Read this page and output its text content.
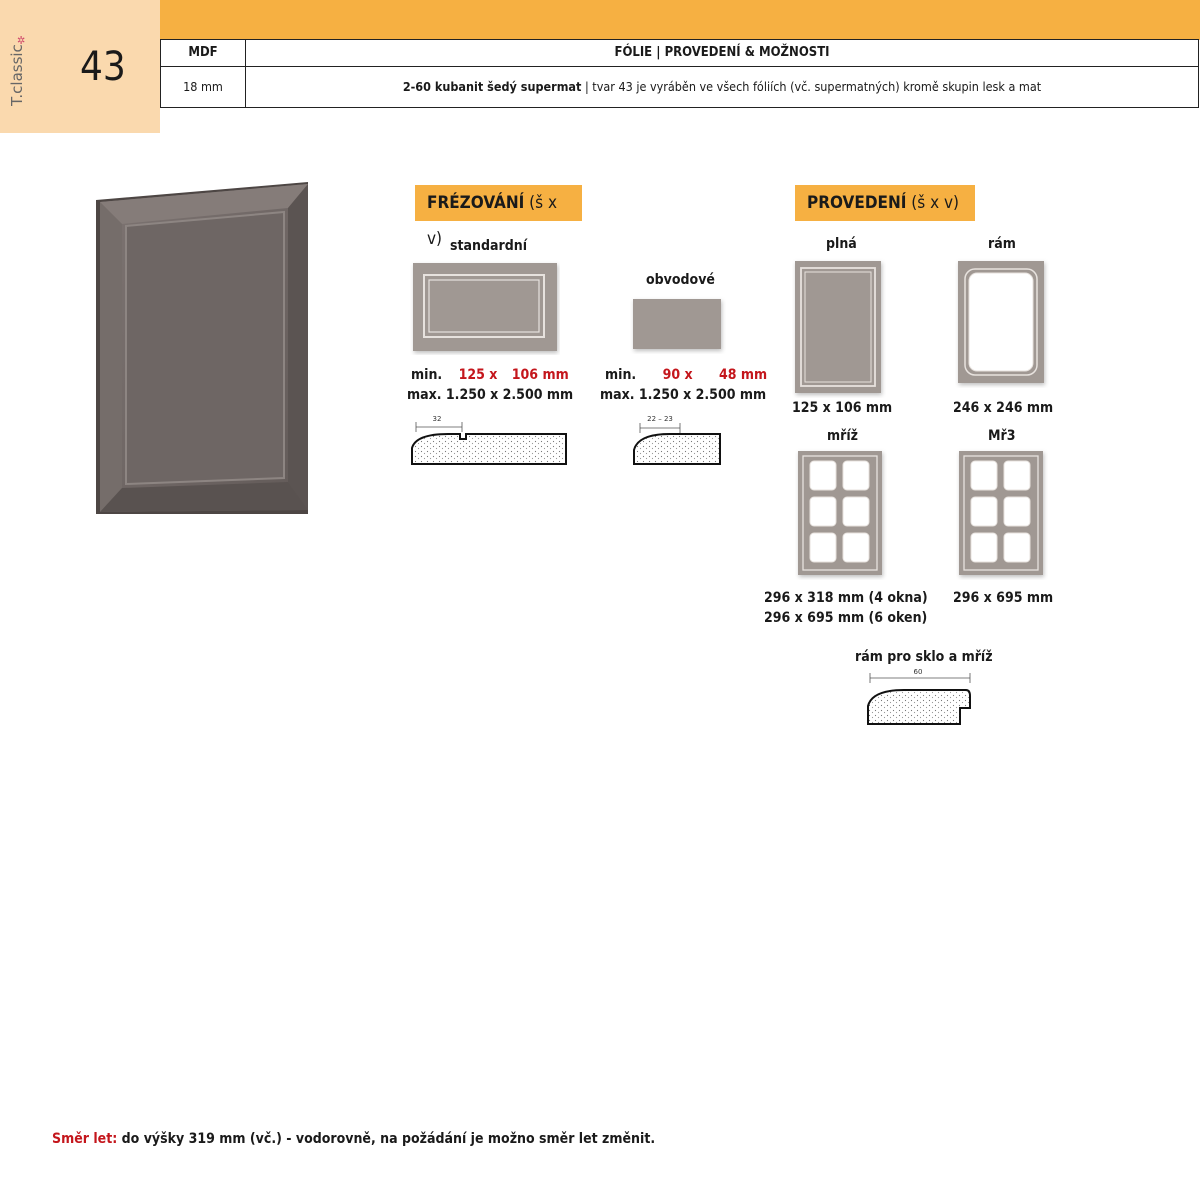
✲
T.classic 43	MDF	FÓLIE | PROVEDENÍ & MOŽNOSTI
18 mm	2-60 kubanit šedý supermat | tvar 43 je vyráběn ve všech fóliích (vč. supermatných) kromě skupin lesk a mat
FRÉZOVÁNÍ (š x v) standardní
min. 125 x 106 mm
max. 1.250 x 2.500 mm
32
obvodové
min. 90 x 48 mm
max. 1.250 x 2.500 mm
22 – 23
PROVEDENÍ (š x v)
plná
125 x 106 mm
rám
246 x 246 mm
mříž
296 x 318 mm (4 okna)
296 x 695 mm (6 oken)
Mř3
296 x 695 mm
rám pro sklo a mříž
60
Směr let: do výšky 319 mm (vč.) - vodorovně, na požádání je možno směr let změnit.
